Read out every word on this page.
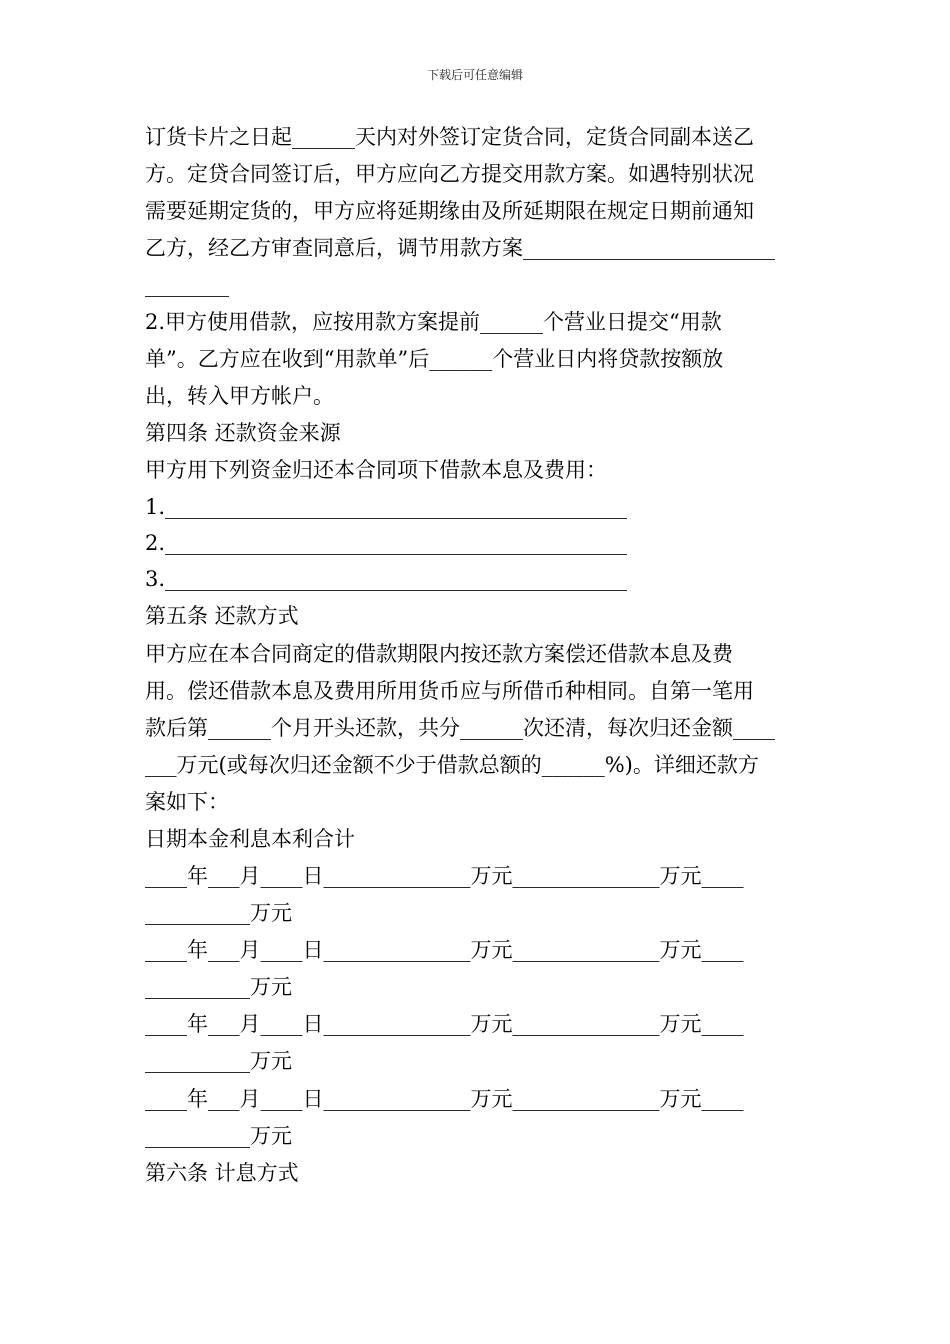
下载后可任意编辑
订货卡片之日起______天内对外签订定货合同，定货合同副本送乙
方。定贷合同签订后，甲方应向乙方提交用款方案。如遇特别状况
需要延期定货的，甲方应将延期缘由及所延期限在规定日期前通知
乙方，经乙方审查同意后，调节用款方案________________________
________
2.甲方使用借款，应按用款方案提前______个营业日提交“用款
单”。乙方应在收到“用款单”后______个营业日内将贷款按额放
出，转入甲方帐户。
第四条 还款资金来源
甲方用下列资金归还本合同项下借款本息及费用：
1.____________________________________________
2.____________________________________________
3.____________________________________________
第五条 还款方式
甲方应在本合同商定的借款期限内按还款方案偿还借款本息及费
用。偿还借款本息及费用所用货币应与所借币种相同。自第一笔用
款后第______个月开头还款，共分______次还清，每次归还金额____
___万元(或每次归还金额不少于借款总额的______%)。详细还款方
案如下：
日期本金利息本利合计
____年___月____日______________万元______________万元____
__________万元
____年___月____日______________万元______________万元____
__________万元
____年___月____日______________万元______________万元____
__________万元
____年___月____日______________万元______________万元____
__________万元
第六条 计息方式
